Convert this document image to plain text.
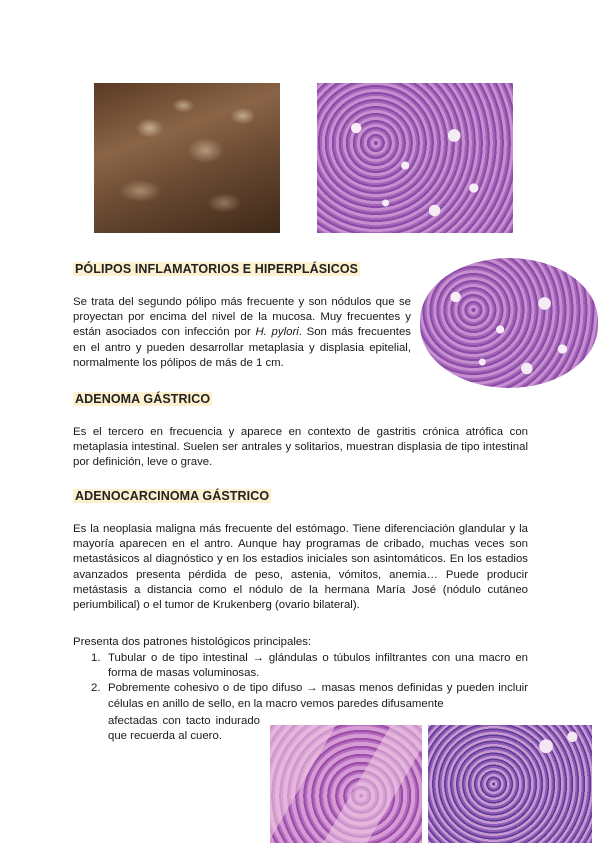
PÓLIPOS INFLAMATORIOS E HIPERPLÁSICOS

Se trata del segundo pólipo más frecuente y son nódulos que se proyectan por encima del nivel de la mucosa. Muy frecuentes y están asociados con infección por H. pylori. Son más frecuentes en el antro y pueden desarrollar metaplasia y displasia epitelial, normalmente los pólipos de más de 1 cm.

ADENOMA GÁSTRICO

Es el tercero en frecuencia y aparece en contexto de gastritis crónica atrófica con metaplasia intestinal. Suelen ser antrales y solitarios, muestran displasia de tipo intestinal por definición, leve o grave.

ADENOCARCINOMA GÁSTRICO

Es la neoplasia maligna más frecuente del estómago. Tiene diferenciación glandular y la mayoría aparecen en el antro. Aunque hay programas de cribado, muchas veces son metastásicos al diagnóstico y en los estadios iniciales son asintomáticos. En los estadios avanzados presenta pérdida de peso, astenia, vómitos, anemia… Puede producir metástasis a distancia como el nódulo de la hermana María José (nódulo cutáneo periumbilical) o el tumor de Krukenberg (ovario bilateral).

Presenta dos patrones histológicos principales:

1. Tubular o de tipo intestinal → glándulas o túbulos infiltrantes con una macro en forma de masas voluminosas.
2. Pobremente cohesivo o de tipo difuso → masas menos definidas y pueden incluir células en anillo de sello, en la macro vemos paredes difusamente

afectadas con tacto indurado que recuerda al cuero.
